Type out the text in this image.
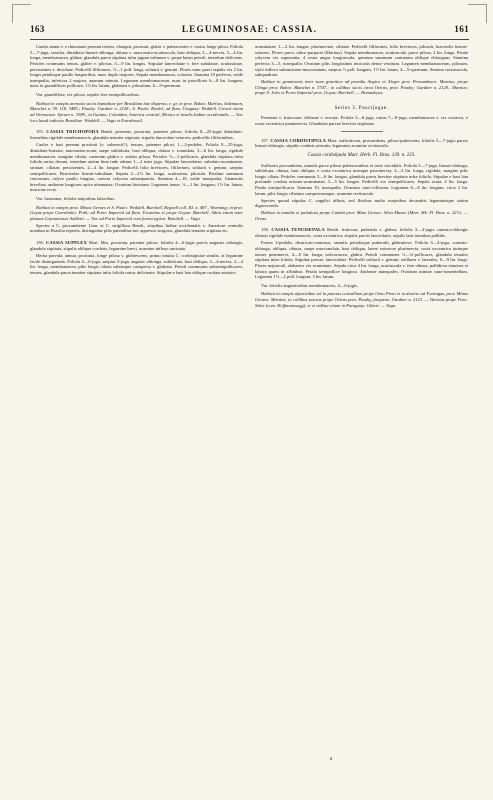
163	LEGUMINOSAE: CASSIA.	161

Caules annui v. e rhizomate perenni teretes, elongati, prostrati, glabri v. pubescentes v. varius longe pilosi. Foliola 5—7-juga, sessilia, dimidiato-lineari-oblonga, obtusa v. mucronato-acutiuscula, basi obliqua, 3—4-nervia, 3—4 lin. longa, membranacea, glabra; glandula parva stipitata infra jugum infimum v. prope basin petioli, interdum deficiens. Petioles communis tenuis, glaber v. pilosus, 3—9 lin. longus. Stipulae lanceolatae v. fere subulatae, acutissimae, persistentes v. deciduae. Pedicelli filiformes, ½—1 poll. longi, solitarii v. gemini. Flores nunc parvi sepalis vix 2 lin. longis petalisque paullo longioribus, nunc duplo majores. Sepala membranacea, colorata. Stamina 10 perfecta, valde inaequalia, inferiora 2 majora, ananum minuta. Legumen membranaceum, nunc in parvifloris 6—8 lin. longum, nunc in grandifloris pollicare, 1½ lin. latum, glabrum v. pilosulum, 6—9-spermum.

Var. grandiflora, vix pilosa, sepalis fere semipollicaribus.

Habitat in campis arenosis siccis humidisve per Brasiliam late dispersa, e. gr. in prov. Bahia: Martius, Salzmann, Blanchet n. 39. 118. 3485.; Piauhy: Gardner n. 2128.; S. Paulo: Riedel; ad flum. Uruguay: Weddell. Crescit etiam ad Orenocum: Spruce n. 3389., in Guiana, Columbia, America centrali, Mexico et insulis Indiae occidentalis. — Var. loco haud indicato Brasiliae: Weddell. — Vagu et Extrabrasil.

155. CASSIA TRICHOPODA Benth. perennis, prostrata, patenter pilosa; foliolis 8—25-jugis dimidiato-linearibus rigidule membranaceis, glandula tenuiter stipitata; stipulis lanceolato-setaceis; pedicellis filiformibus.

Caules e basi perenni prostrati (v. suberecti?), tenues, patenter pilosi, 1—2-pedales. Foliola 8—25-juga, dimidiato-linearia, mucronato-acuta, saepe subfalcata, basi obliqua, obtusa v. rotundata, 3—6 lin. longa, rigidule membranacea, margine ciliata, caeterum glabra v. subtus pilosa. Petioles ½—1-pollicaris; glandula stipitata infra foliola rarius desunt, interdum autem bina inde adsunt 1—2 inter juga. Stipulae lanceolatae, subulato-acuminatae, striatae, ciliatae, persistentes, 2—4 lin. longae. Pedicelli folio breviores, filiformes, solitarii v. gemini, saepius semipollicares. Bracteolae lineari-subulatae. Sepala 2—2½ lin. longa, acutissima, pilosula. Petalum summum concavum, calyce paullo longius, caetera calycem subaequantia. Stamina 4—10, valde inaequalia, filamentis brevibus; antherae longiores apice attenuatae. Ovarium hirsutum. Legumen tenue, ½—1 lin. longum, 1½ lin. latum, mucrone recto.

Var. luxurians, foliolis majoribus latioribus.

Habitat in campis prov. Minas Geraes et S. Paulo: Weddell, Burchell, Regnell coll. III. n. 487., Warming; in prov. Goyaz prope Curralinho: Pohl; ad Porto Imperial ad flum. Tocantins et prope Goyaz: Burchell. Adest etiam inter plantas Cayennenses Aubletii. — Var. ad Porto Imperial cum forma typica: Burchell. — Vaga.

Species a C. procumbente Linn. et C. strigillosa Benth., stirpibus Indiae occidentalis v. Americae centralis nondum in Brasilia repertis, distinguitur pilis patentibus nec appresso strigosis, glandula tenuiter stipitata etc.

156. CASSIA SUPPLEX Mart. Mss. prostrata, patenter pilosa; foliolis 4—6-jugis parvis angustis oblongis, glandula stipitata, stipulis oblique cordatis; legumine brevi, acumine inflexo uncinato.

Herba parvula, annua, prostrata, longe pilosa v. glabrescens, primo intuitu C. cordistipulae similis, at legumine facile distinguenda. Foliola 4—6-juga, saepius 5-juga, angustc oblonga, subfalcata, basi obliqua, 3—4-nervia, 2—4 lin. longa, membranacea, pilis longis ciliata subtusque conspersa v. glabrata. Petioli communes subsemipollicares, tenues, glandula parva tenuiter stipitata infra foliola rarius deficiente. Stipulae e basi lata oblique cordata aristato-

acuminatae, 1—2 lin. longae, plurinerviae, ciliatae. Pedicelli filiformes, folio breviores, pilosuli, bracteolis lineari-setaceis. Flores parvi, rubro-purpurei (Martius). Sepala membranacea, acutiuscula, parce pilosa, 2 lin. longa. Petala calycem vix superantia, 4 ovata unguc longiuscula, quintum summum carinatum oblique oblongum. Stamina perfecta 3—5, inaequalia. Ovarium pilis longissimis intricatis dense vestitum. Legumen membranaceum, pilosum, stylo inflexo subuncinato-mucronatum, saepius ½ poll. longum, 1½ lin. latum, 4—5-spermum. Semina crassiuscula, subquadrata.

Habitat in graminosis inter saxa granitica ad praedia Angico et Alegre prov. Pernambuco: Martius; prope Ulinga prov. Bahia: Blanchet n. 3747.; in collibus siccis circa Oeiras, prov. Piauhy: Gardner n. 2129., Martius; prope S. João et Porto Imperial prov. Goyaz: Burchell. — Hamadryas.

Series 3. Paucijugae.

Perennes v. fruticosae, diffusae v. erectae. Foliola 3—6-juga, rarius 7—8-juga, membranacea v. vix coriacea, e costa excentrica penninervia. Glandulae parvae breviter stipitatae.

157. CASSIA CORDISTIPULA Mart. suffruticosa, procumbens, piloso-pubescens; foliolis 5—7-jugis parvis lineari-oblongis, stipulis cordatis aristatis; leguminis acumine rectiusculo.

Cassia cordistipula Mart. Herb. Fl. Bras. 139. n. 223.

Suffrutex procumbens, ramulis parce piloso-pubescentibus et torte viscidulis. Foliola 5—7-juga, lineari-oblonga, subfalcata, obtusa, basi obliqua, e costa excentrica utrinque paucinervia, 2—3 lin. longa, rigidula, margine pilis longis ciliata. Petioles communis 3—6 lin. longus, glandula parva breviter stipitata infra foliola. Stipulae e basi lata profunde cordata aristato-acuminatae, 3—5 lin. longae. Pedicelli vix semipollicares. Sepala acuta, 4 lin. longa. Petala semipollicaria. Stamina 10, inaequalia. Ovarium cano-villosum. Legumen 6—8 lin. longum, circa 2 lin. latum, pilis longis ciliatum compressumque, acumine rectiusculo.

Species quoad stipulas C. supplici affinis, sed floribus multo majoribus decandris leguminisque statim dignoscenda.

Habitat in tumidis et paludosis prope Cuiabá prov. Mato Grosso: Silva Manso (Mart. Hb. Fl. Bras. n. 223.). — Oreas.

158. CASSIA TENUISEPALA Benth. fruticosa, puberula v. glabra; foliolis 3—4-jugis cuneato-oblongis obtusis rigidule membranaceis, costa excentrica; stipulis parvis lanceolatis; sepalis latis tenuibus pallidis.

Frutex 3-pedalis, divaricato-ramosus, ramulis petiolisque puberulis glabratisve. Foliola 3—4-juga, cuneato-oblonga, obliqua, obtusa, saepe mucronulata, basi obliqua, latere exteriore plurinervia, costa excentrica utrinque tenuer penninervi, 4—8 lin. longa, subcoriacea, glabra. Petioli communes ½—¾-pollicares, glandula tenuiter stipitata infra foliola. Stipulae parvae, lanceolatae. Pedicelli solitarii v. gemini, axillares v. laterales, 6—9 lin. longi. Flores majusculi, alabastro vix acuminato. Sepala circa 4 lin. longa, acutiuscula v. fere obtusa, pallidiora tenuiora et latiora quam in affinibus. Petala semipollice longiora. Antherae inaequales. Ovarium minute cano-tomentellum. Legumen 1½—2 poll. longum, 3 lin. latum.

Var. foliolis angustioribus membranaceis, 4—6-jugis.

Habitat in campis alpestribus vel in pascuis convallium prope Ouro Preto et in deserto ad Formigas, prov. Minas Geraes: Martius; in collibus saxosis prope Oeiras prov. Piauhy, frequens: Gardner n. 2123. — Varietas prope Faro: Siber (com. Hoffmannsegg), et et vidētur etiam in Paraguay: Gibert. — Vaga.

ƨ
